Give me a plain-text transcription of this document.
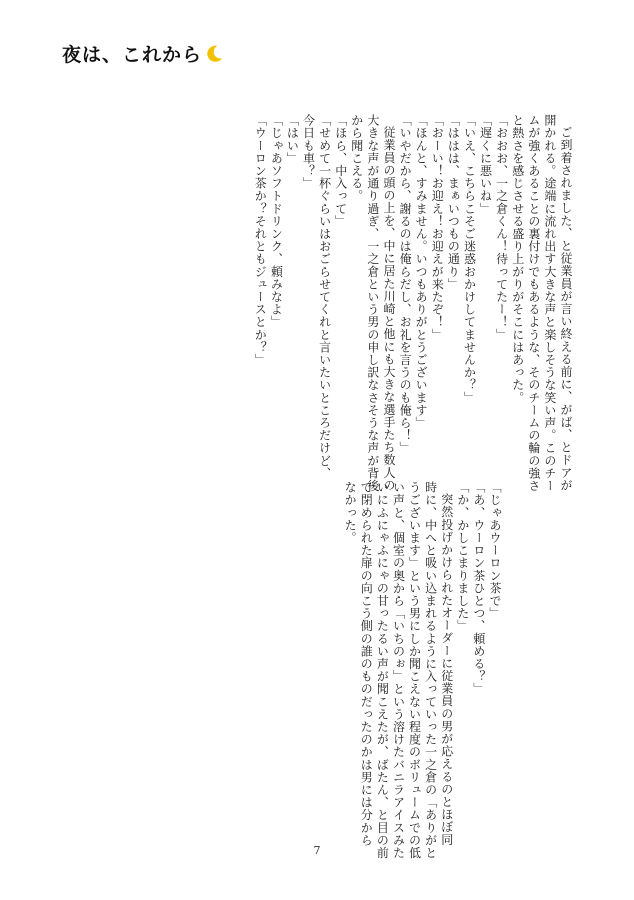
夜は、これから

ご到着されました、と従業員が言い終える前に、がば、とドアが

開かれる。途端に流れ出す大きな声と楽しそうな笑い声。このチー

ムが強くあることの裏付けでもあるような、そのチームの輪の強さ

と熱さを感じさせる盛り上がりがそこにはあった。

「おおお、一之倉くん！待ってたー！」

「遅くに悪いね」

「いえ、こちらこそご迷惑おかけしてませんか？」

「ははは、まぁいつもの通り」

「おーい！お迎え！お迎えが来たぞ！」

「ほんと、すみません。いつもありがとうございます」

「いやだから、謝るのは俺らだし、お礼を言うのも俺ら！」

従業員の頭の上を、中に居た川崎と他にも大きな選手たち数人の

大きな声が通り過ぎ、一之倉という男の申し訳なさそうな声が背後

から聞こえる。

「ほら、中入って」

「せめて一杯ぐらいはおごらせてくれと言いたいところだけど、

今日も車？」

「はい」

「じゃあソフトドリンク、頼みなよ」

「ウーロン茶か？それともジュースとか？」

「じゃあウーロン茶で」

「あ、ウーロン茶ひとつ、頼める？」

「か、かしこまりました」

突然投げかけられたオーダーに従業員の男が応えるのとほぼ同

時に、中へと吸い込まれるように入っていった一之倉の「ありがと

うございます」という男にしか聞こえない程度のボリュームでの低

い声と、個室の奥から「いちのぉ」という溶けたバニラアイスみた

いにふにゃふにゃの甘ったるい声が聞こえたが、ばたん、と目の前

で閉められた扉の向こう側の誰のものだったのかは男には分から

なかった。

7
